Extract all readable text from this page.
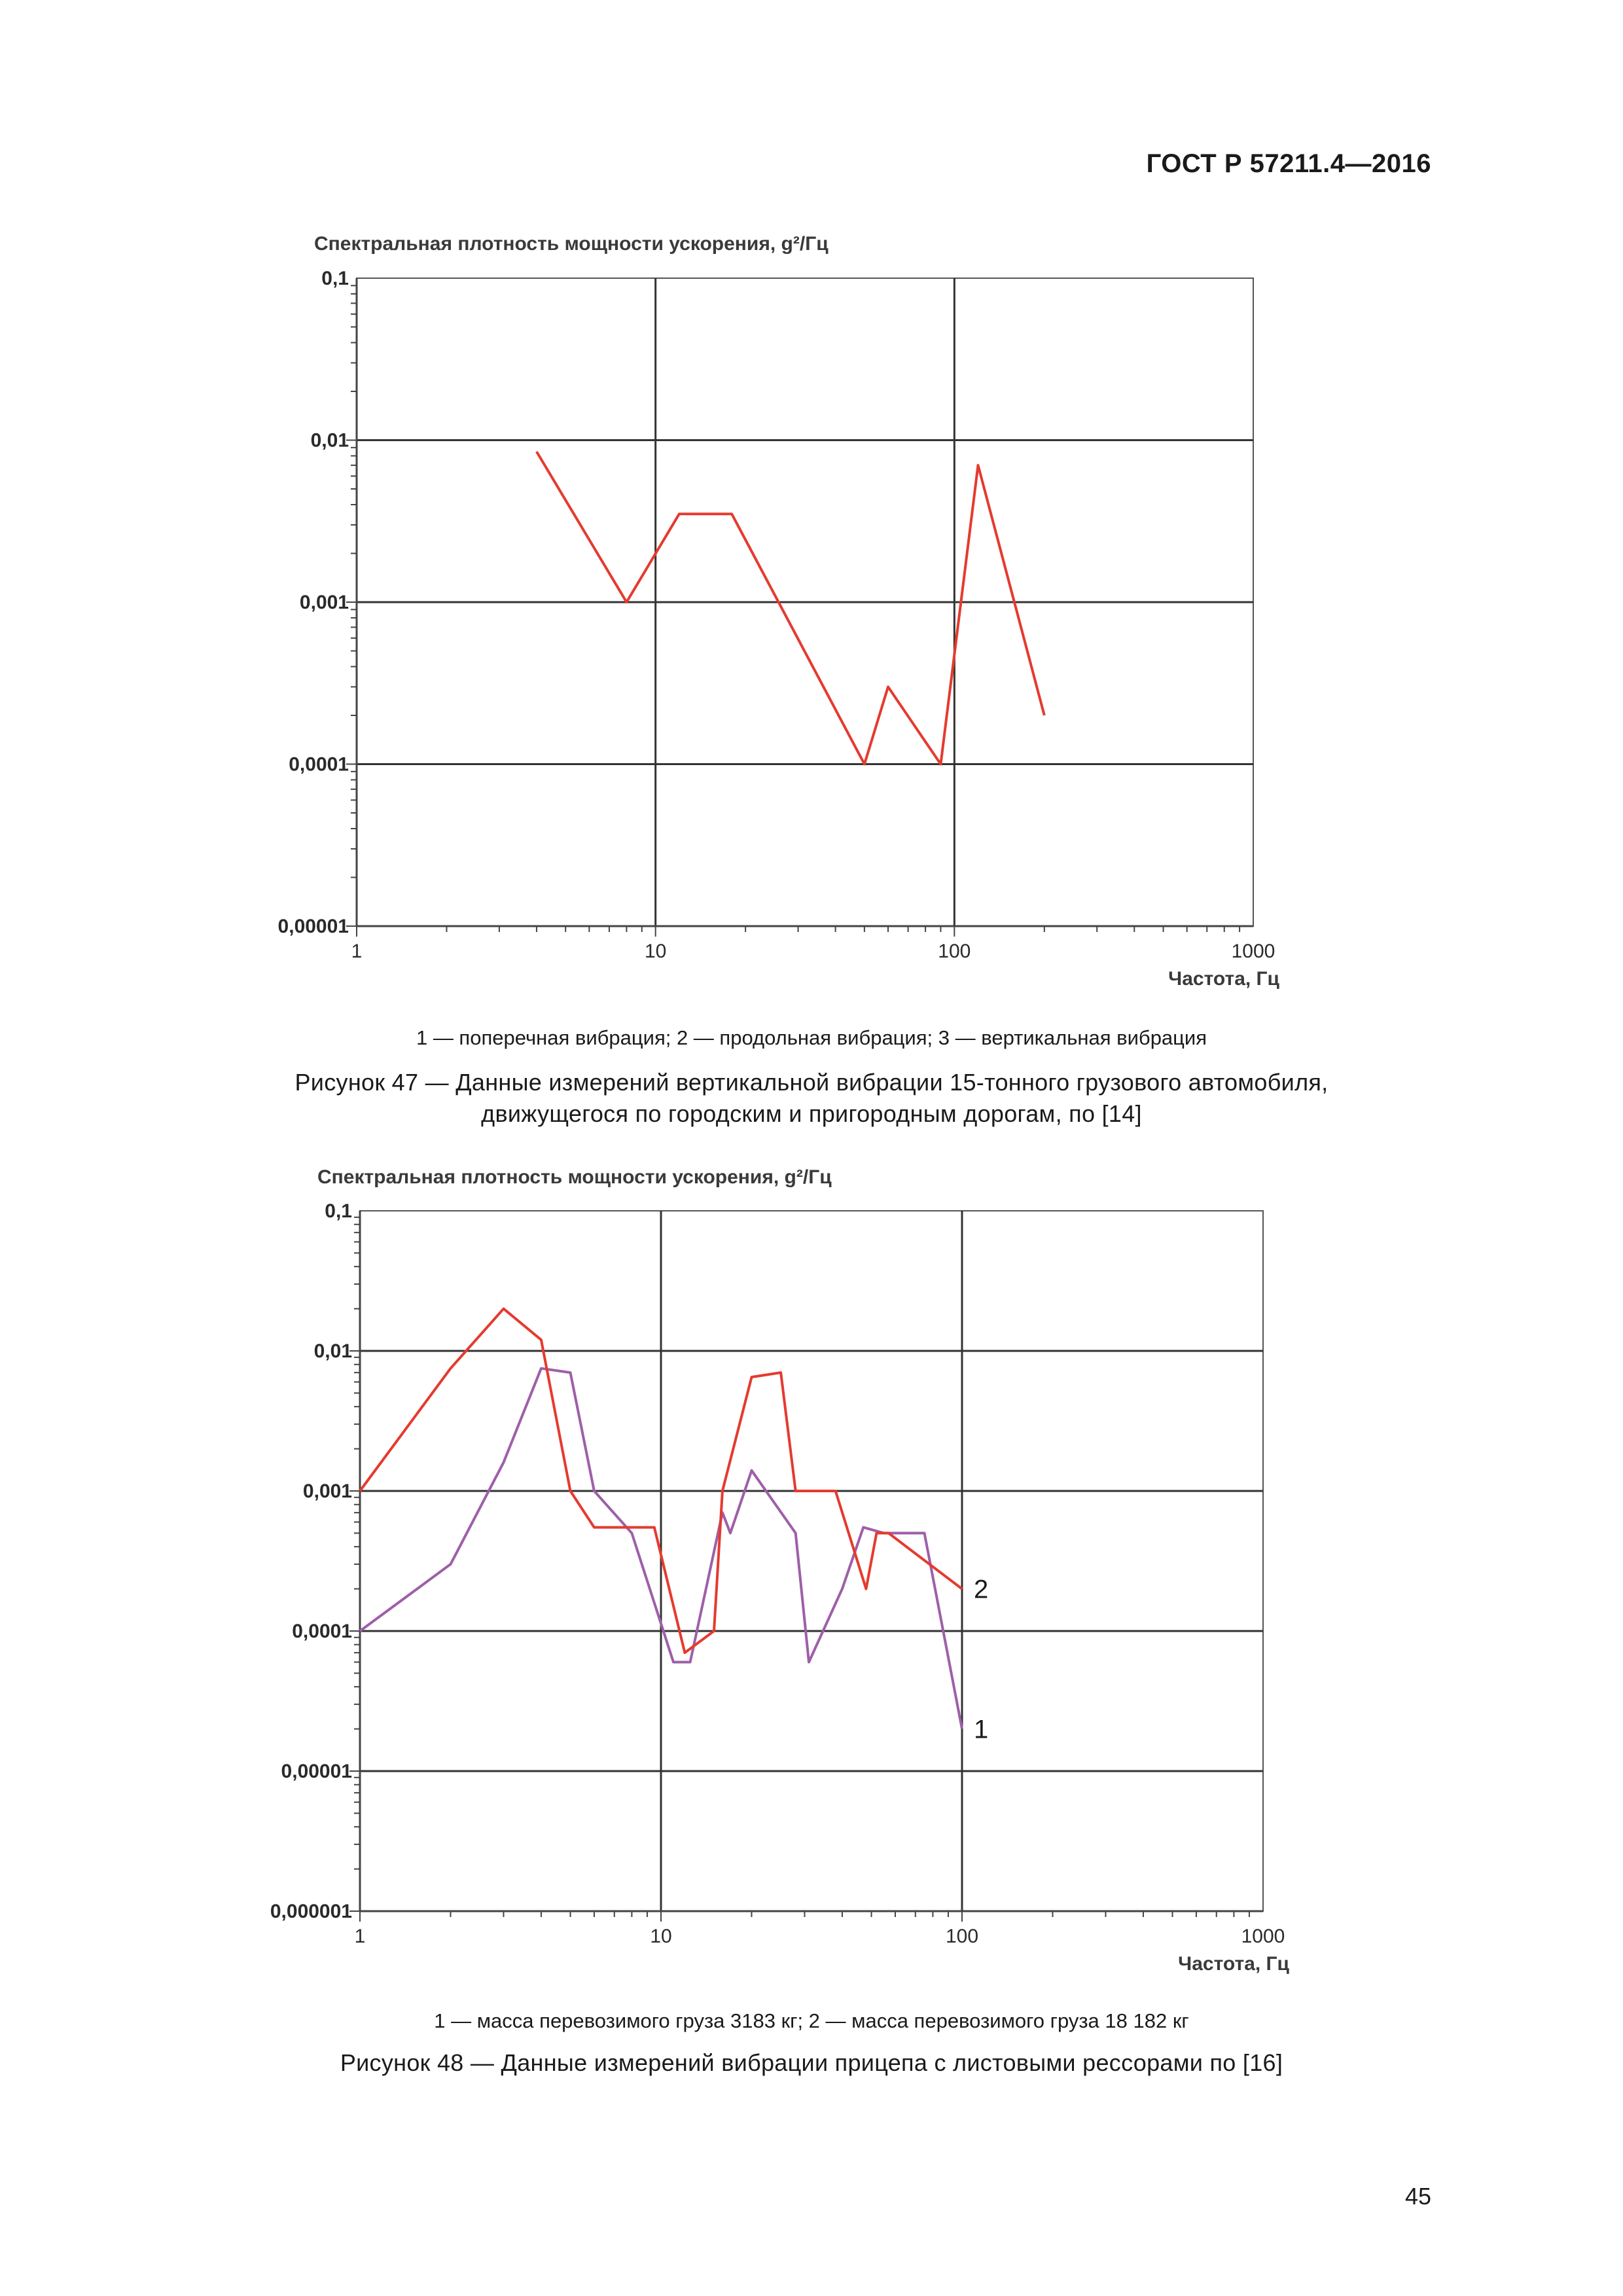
ГОСТ Р 57211.4—2016
1	10	100	1000
0,00001
0,0001
0,001
0,01
0,1
Спектральная плотность мощности ускорения, g²/Гц
Частота, Гц
1 — поперечная вибрация; 2 — продольная вибрация; 3 — вертикальная вибрация
Рисунок 47 — Данные измерений вертикальной вибрации 15-тонного грузового автомобиля,
движущегося по городским и пригородным дорогам, по [14]
1	10	100	1000
0,000001
0,00001
0,0001
0,001
0,01
0,1
Спектральная плотность мощности ускорения, g²/Гц
Частота, Гц
1
2
1 — масса перевозимого груза 3183 кг; 2 — масса перевозимого груза 18 182 кг
Рисунок 48 — Данные измерений вибрации прицепа с листовыми рессорами по [16]
45
